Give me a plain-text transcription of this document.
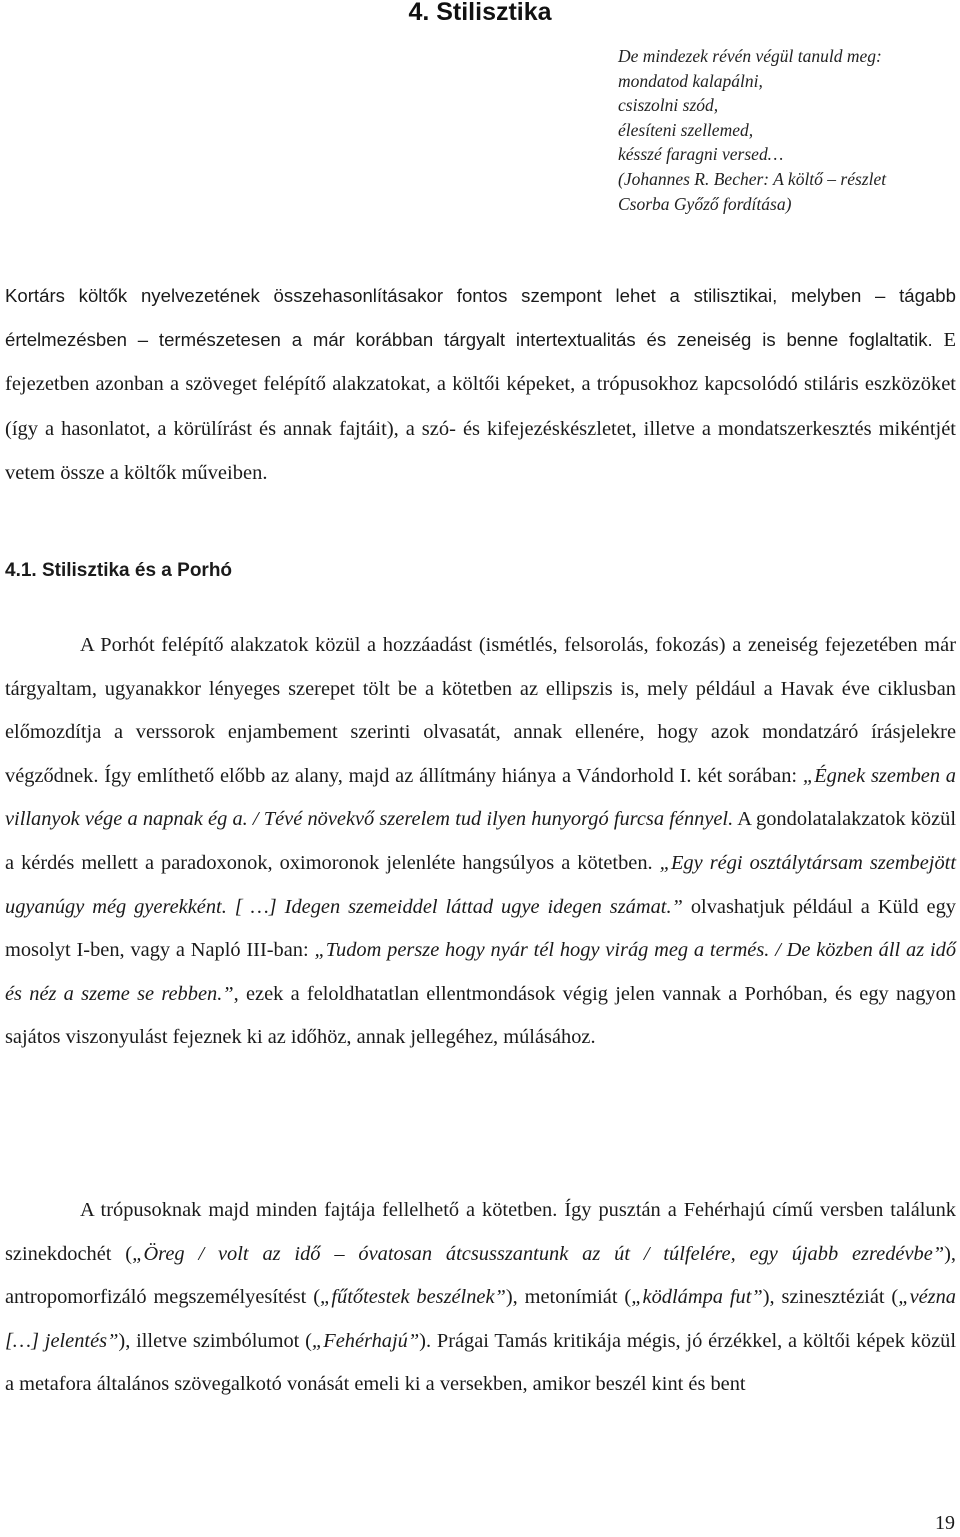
4. Stilisztika
De mindezek révén végül tanuld meg:
mondatod kalapálni,
csiszolni szód,
élesíteni szellemed,
késszé faragni versed…
(Johannes R. Becher: A költő – részlet
Csorba Győző fordítása)

Kortárs költők nyelvezetének összehasonlításakor fontos szempont lehet a stilisztikai, melyben – tágabb értelmezésben – természetesen a már korábban tárgyalt intertextualitás és zeneiség is benne foglaltatik. E fejezetben azonban a szöveget felépítő alakzatokat, a költői képeket, a trópusokhoz kapcsolódó stiláris eszközöket (így a hasonlatot, a körülírást és annak fajtáit), a szó- és kifejezéskészletet, illetve a mondatszerkesztés mikéntjét vetem össze a költők műveiben.

4.1. Stilisztika és a Porhó

A Porhót felépítő alakzatok közül a hozzáadást (ismétlés, felsorolás, fokozás) a zeneiség fejezetében már tárgyaltam, ugyanakkor lényeges szerepet tölt be a kötetben az ellipszis is, mely például a Havak éve ciklusban előmozdítja a verssorok enjambement szerinti olvasatát, annak ellenére, hogy azok mondatzáró írásjelekre végződnek. Így említhető előbb az alany, majd az állítmány hiánya a Vándorhold I. két sorában: „Égnek szemben a villanyok vége a napnak ég a. / Tévé növekvő szerelem tud ilyen hunyorgó furcsa fénnyel. A gondolatalakzatok közül a kérdés mellett a paradoxonok, oximoronok jelenléte hangsúlyos a kötetben. „Egy régi osztálytársam szembejött ugyanúgy még gyerekként. [ …] Idegen szemeiddel láttad ugye idegen számat.” olvashatjuk például a Küld egy mosolyt I-ben, vagy a Napló III-ban: „Tudom persze hogy nyár tél hogy virág meg a termés. / De közben áll az idő és néz a szeme se rebben.”, ezek a feloldhatatlan ellentmondások végig jelen vannak a Porhóban, és egy nagyon sajátos viszonyulást fejeznek ki az időhöz, annak jellegéhez, múlásához.

A trópusoknak majd minden fajtája fellelhető a kötetben. Így pusztán a Fehérhajú című versben találunk szinekdochét („Öreg / volt az idő – óvatosan átcsusszantunk az út / túlfelére, egy újabb ezredévbe”), antropomorfizáló megszemélyesítést („fűtőtestek beszélnek”), metonímiát („ködlámpa fut”), szinesztéziát („vézna […] jelentés”), illetve szimbólumot („Fehérhajú”). Prágai Tamás kritikája mégis, jó érzékkel, a költői képek közül a metafora általános szövegalkotó vonását emeli ki a versekben, amikor beszél kint és bent

19
